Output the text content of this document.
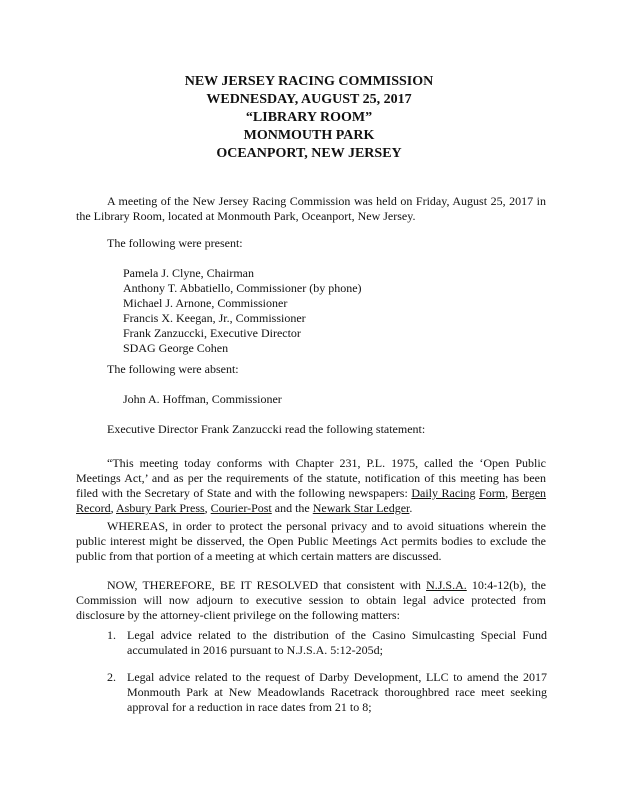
NEW JERSEY RACING COMMISSION
WEDNESDAY, AUGUST 25, 2017
“LIBRARY ROOM”
MONMOUTH PARK
OCEANPORT, NEW JERSEY
A meeting of the New Jersey Racing Commission was held on Friday, August 25, 2017 in the Library Room, located at Monmouth Park, Oceanport, New Jersey.
The following were present:
Pamela J. Clyne, Chairman
Anthony T. Abbatiello, Commissioner (by phone)
Michael J. Arnone, Commissioner
Francis X. Keegan, Jr., Commissioner
Frank Zanzuccki, Executive Director
SDAG George Cohen
The following were absent:
John A. Hoffman, Commissioner
Executive Director Frank Zanzuccki read the following statement:
“This meeting today conforms with Chapter 231, P.L. 1975, called the ‘Open Public Meetings Act,’ and as per the requirements of the statute, notification of this meeting has been filed with the Secretary of State and with the following newspapers: Daily Racing Form, Bergen Record, Asbury Park Press, Courier-Post and the Newark Star Ledger.
WHEREAS, in order to protect the personal privacy and to avoid situations wherein the public interest might be disserved, the Open Public Meetings Act permits bodies to exclude the public from that portion of a meeting at which certain matters are discussed.
NOW, THEREFORE, BE IT RESOLVED that consistent with N.J.S.A. 10:4-12(b), the Commission will now adjourn to executive session to obtain legal advice protected from disclosure by the attorney-client privilege on the following matters:
1. Legal advice related to the distribution of the Casino Simulcasting Special Fund accumulated in 2016 pursuant to N.J.S.A. 5:12-205d;
2. Legal advice related to the request of Darby Development, LLC to amend the 2017 Monmouth Park at New Meadowlands Racetrack thoroughbred race meet seeking approval for a reduction in race dates from 21 to 8;
